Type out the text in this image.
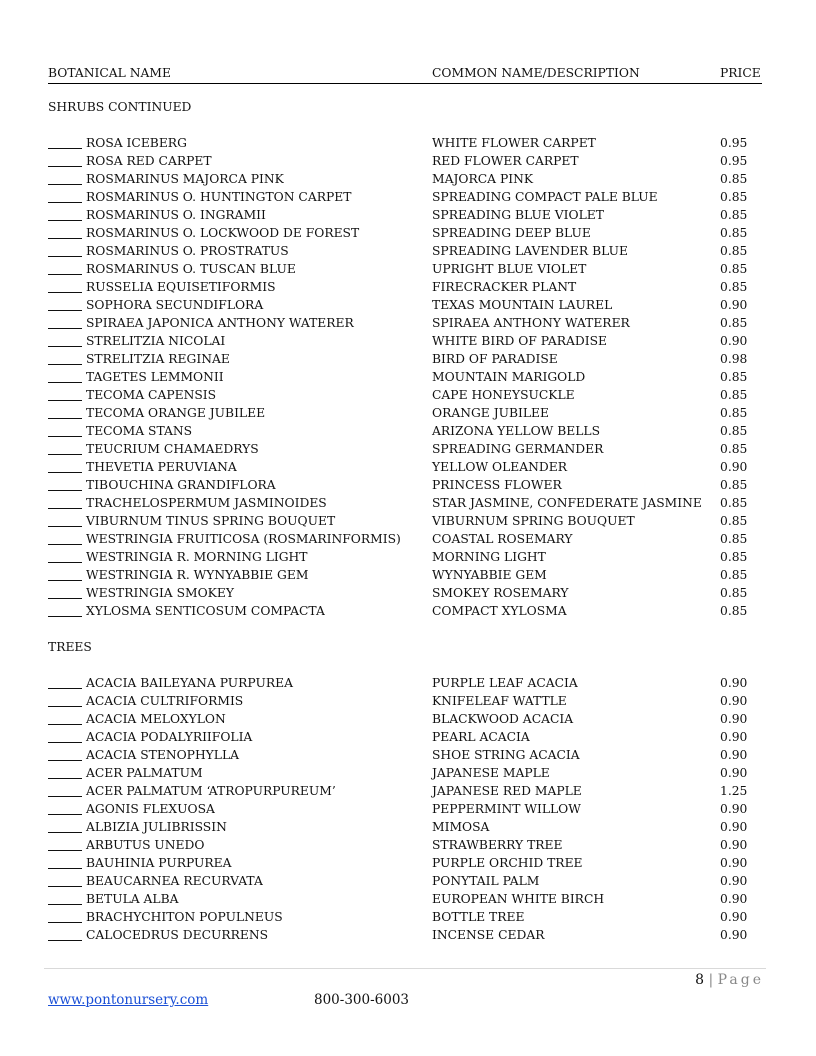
BOTANICAL NAME	COMMON NAME/DESCRIPTION	PRICE
SHRUBS CONTINUED
ROSA ICEBERG	WHITE FLOWER CARPET	0.95
ROSA RED CARPET	RED FLOWER CARPET	0.95
ROSMARINUS MAJORCA PINK	MAJORCA PINK	0.85
ROSMARINUS O. HUNTINGTON CARPET	SPREADING COMPACT PALE BLUE	0.85
ROSMARINUS O. INGRAMII	SPREADING BLUE VIOLET	0.85
ROSMARINUS O. LOCKWOOD DE FOREST	SPREADING DEEP BLUE	0.85
ROSMARINUS O. PROSTRATUS	SPREADING LAVENDER BLUE	0.85
ROSMARINUS O. TUSCAN BLUE	UPRIGHT BLUE VIOLET	0.85
RUSSELIA EQUISETIFORMIS	FIRECRACKER PLANT	0.85
SOPHORA SECUNDIFLORA	TEXAS MOUNTAIN LAUREL	0.90
SPIRAEA JAPONICA ANTHONY WATERER	SPIRAEA ANTHONY WATERER	0.85
STRELITZIA NICOLAI	WHITE BIRD OF PARADISE	0.90
STRELITZIA REGINAE	BIRD OF PARADISE	0.98
TAGETES LEMMONII	MOUNTAIN MARIGOLD	0.85
TECOMA CAPENSIS	CAPE HONEYSUCKLE	0.85
TECOMA ORANGE JUBILEE	ORANGE JUBILEE	0.85
TECOMA STANS	ARIZONA YELLOW BELLS	0.85
TEUCRIUM CHAMAEDRYS	SPREADING GERMANDER	0.85
THEVETIA PERUVIANA	YELLOW OLEANDER	0.90
TIBOUCHINA GRANDIFLORA	PRINCESS FLOWER	0.85
TRACHELOSPERMUM JASMINOIDES	STAR JASMINE, CONFEDERATE JASMINE 0.85
VIBURNUM TINUS SPRING BOUQUET	VIBURNUM SPRING BOUQUET	0.85
WESTRINGIA FRUITICOSA (ROSMARINFORMIS)	COASTAL ROSEMARY	0.85
WESTRINGIA R. MORNING LIGHT	MORNING LIGHT	0.85
WESTRINGIA R. WYNYABBIE GEM	WYNYABBIE GEM	0.85
WESTRINGIA SMOKEY	SMOKEY ROSEMARY	0.85
XYLOSMA SENTICOSUM COMPACTA	COMPACT XYLOSMA	0.85
TREES
ACACIA BAILEYANA PURPUREA	PURPLE LEAF ACACIA	0.90
ACACIA CULTRIFORMIS	KNIFELEAF WATTLE	0.90
ACACIA MELOXYLON	BLACKWOOD ACACIA	0.90
ACACIA PODALYRIIFOLIA	PEARL ACACIA	0.90
ACACIA STENOPHYLLA	SHOE STRING ACACIA	0.90
ACER PALMATUM	JAPANESE MAPLE	0.90
ACER PALMATUM ‘ATROPURPUREUM’	JAPANESE RED MAPLE	1.25
AGONIS FLEXUOSA	PEPPERMINT WILLOW	0.90
ALBIZIA JULIBRISSIN	MIMOSA	0.90
ARBUTUS UNEDO	STRAWBERRY TREE	0.90
BAUHINIA PURPUREA	PURPLE ORCHID TREE	0.90
BEAUCARNEA RECURVATA	PONYTAIL PALM	0.90
BETULA ALBA	EUROPEAN WHITE BIRCH	0.90
BRACHYCHITON POPULNEUS	BOTTLE TREE	0.90
CALOCEDRUS DECURRENS	INCENSE CEDAR	0.90
8 | Page
www.pontonursery.com	800-300-6003
